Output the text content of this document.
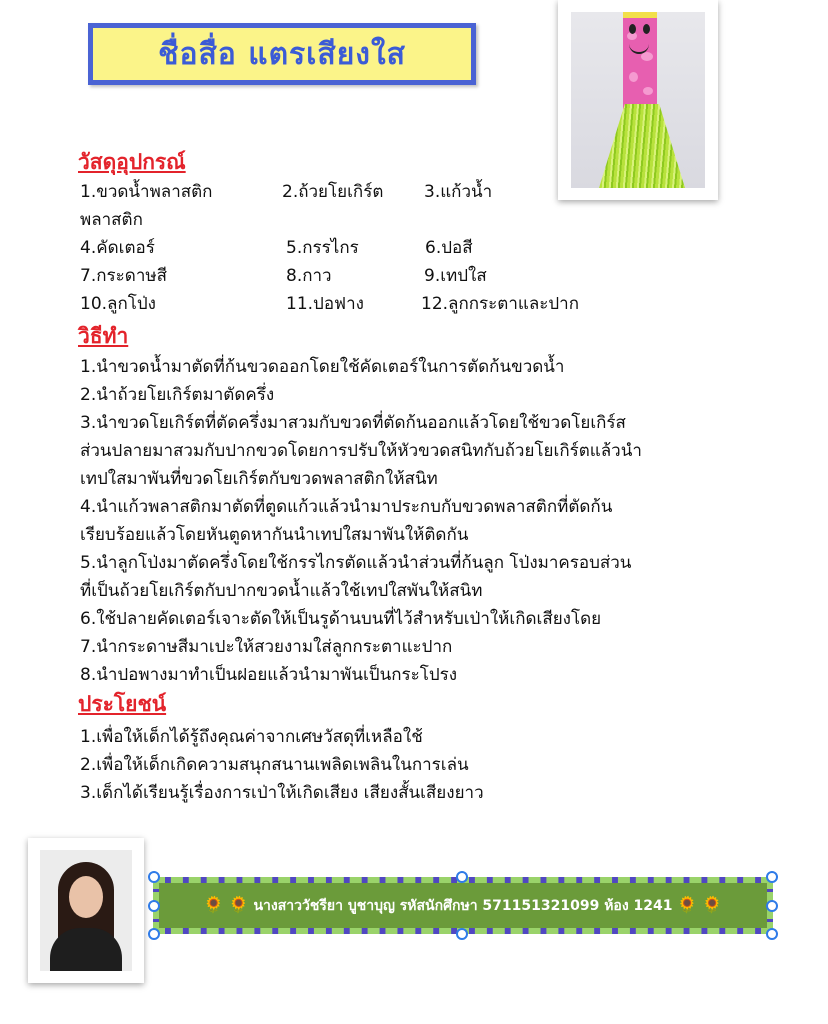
ชื่อสื่อ แตรเสียงใส
วัสดุอุปกรณ์
1.ขวดน้ำพลาสติก	2.ถ้วยโยเกิร์ต 3.แก้วน้ำ
พลาสติก
4.คัดเตอร์	5.กรรไกร	6.ปอสี
7.กระดาษสี	8.กาว	9.เทปใส
10.ลูกโป่ง	11.ปอฟาง	12.ลูกกระตาและปาก
วิธีทำ
1.นำขวดน้ำมาตัดที่ก้นขวดออกโดยใช้คัดเตอร์ในการตัดก้นขวดน้ำ
2.นำถ้วยโยเกิร์ตมาตัดครึ่ง
3.นำขวดโยเกิร์ตที่ตัดครึ่งมาสวมกับขวดที่ตัดก้นออกแล้วโดยใช้ขวดโยเกิร์ส
ส่วนปลายมาสวมกับปากขวดโดยการปรับให้หัวขวดสนิทกับถ้วยโยเกิร์ตแล้วนำ
เทปใสมาพันที่ขวดโยเกิร์ตกับขวดพลาสติกให้สนิท
4.นำแก้วพลาสติกมาตัดที่ตูดแก้วแล้วนำมาประกบกับขวดพลาสติกที่ตัดก้น
เรียบร้อยแล้วโดยหันตูดหากันนำเทปใสมาพันให้ติดกัน
5.นำลูกโป่งมาตัดครึ่งโดยใช้กรรไกรตัดแล้วนำส่วนที่ก้นลูก โป่งมาครอบส่วน
ที่เป็นถ้วยโยเกิร์ตกับปากขวดน้ำแล้วใช้เทปใสพันให้สนิท
6.ใช้ปลายคัดเตอร์เจาะตัดให้เป็นรูด้านบนที่ไว้สำหรับเป่าให้เกิดเสียงโดย
7.นำกระดาษสีมาเปะให้สวยงามใส่ลูกกระตาแะปาก
8.นำปอพางมาทำเป็นฝอยแล้วนำมาพันเป็นกระโปรง
ประโยชน์
1.เพื่อให้เด็กได้รู้ถึงคุณค่าจากเศษวัสดุที่เหลือใช้
2.เพื่อให้เด็กเกิดความสนุกสนานเพลิดเพลินในการเล่น
3.เด็กได้เรียนรู้เรื่องการเป่าให้เกิดเสียง เสียงสั้นเสียงยาว
🌻 🌻 นางสาววัชรียา บูชาบุญ รหัสนักศึกษา 571151321099 ห้อง 1241 🌻 🌻
